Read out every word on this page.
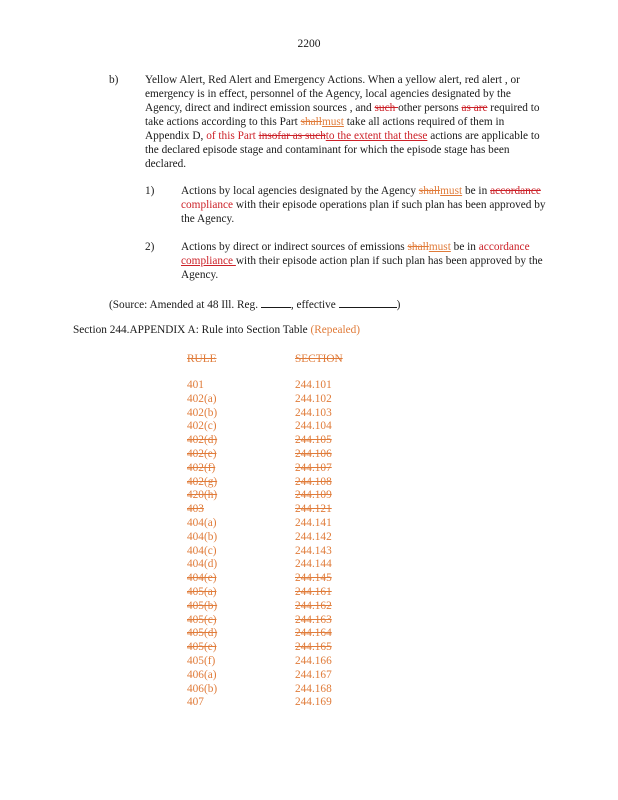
2200
b) Yellow Alert, Red Alert and Emergency Actions. When a yellow alert, red alert , or emergency is in effect, personnel of the Agency, local agencies designated by the Agency, direct and indirect emission sources , and such other persons as are required to take actions according to this Part shallmust take all actions required of them in Appendix D, of this Part insofar as suchto the extent that these actions are applicable to the declared episode stage and contaminant for which the episode stage has been declared.
1) Actions by local agencies designated by the Agency shallmust be in accordance compliance with their episode operations plan if such plan has been approved by the Agency.
2) Actions by direct or indirect sources of emissions shallmust be in accordance compliance with their episode action plan if such plan has been approved by the Agency.
(Source: Amended at 48 Ill. Reg.	, effective	)
Section 244.APPENDIX A: Rule into Section Table (Repealed)
RULE	SECTION
401	244.101
402(a)	244.102
402(b)	244.103
402(c)	244.104
402(d)	244.105
402(e)	244.106
402(f)	244.107
402(g)	244.108
420(h)	244.109
403	244.121
404(a)	244.141
404(b)	244.142
404(c)	244.143
404(d)	244.144
404(e)	244.145
405(a)	244.161
405(b)	244.162
405(c)	244.163
405(d)	244.164
405(e)	244.165
405(f)	244.166
406(a)	244.167
406(b)	244.168
407	244.169
